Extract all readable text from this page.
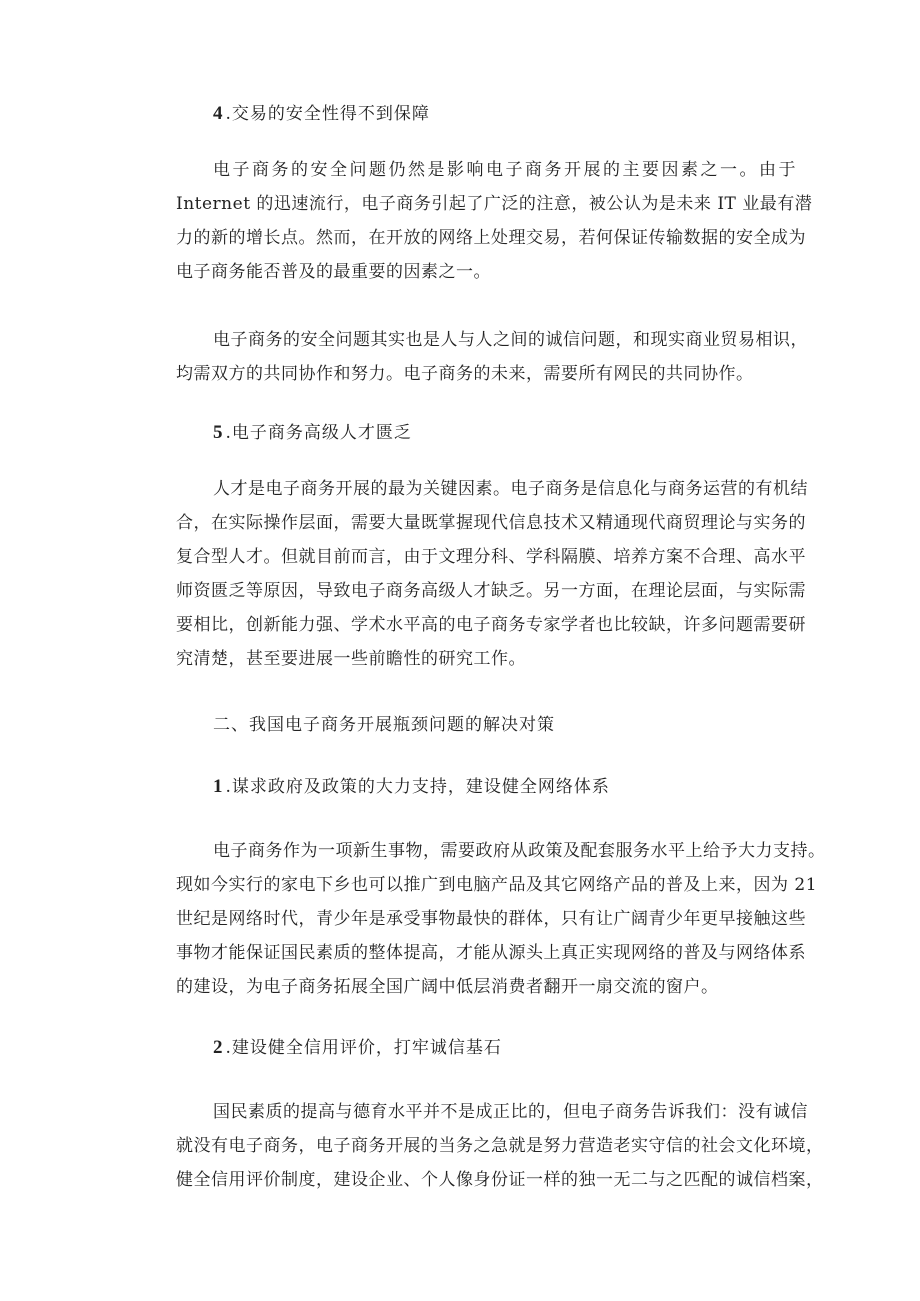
4 .交易的安全性得不到保障
电子商务的安全问题仍然是影响电子商务开展的主要因素之一。由于
Internet 的迅速流行，电子商务引起了广泛的注意，被公认为是未来 IT 业最有潜
力的新的增长点。然而，在开放的网络上处理交易，若何保证传输数据的安全成为
电子商务能否普及的最重要的因素之一。
电子商务的安全问题其实也是人与人之间的诚信问题，和现实商业贸易相识，
均需双方的共同协作和努力。电子商务的未来，需要所有网民的共同协作。
5 .电子商务高级人才匮乏
人才是电子商务开展的最为关键因素。电子商务是信息化与商务运营的有机结
合，在实际操作层面，需要大量既掌握现代信息技术又精通现代商贸理论与实务的
复合型人才。但就目前而言，由于文理分科、学科隔膜、培养方案不合理、高水平
师资匮乏等原因，导致电子商务高级人才缺乏。另一方面，在理论层面，与实际需
要相比，创新能力强、学术水平高的电子商务专家学者也比较缺，许多问题需要研
究清楚，甚至要进展一些前瞻性的研究工作。
二、我国电子商务开展瓶颈问题的解决对策
1 .谋求政府及政策的大力支持，建设健全网络体系
电子商务作为一项新生事物，需要政府从政策及配套服务水平上给予大力支持。
现如今实行的家电下乡也可以推广到电脑产品及其它网络产品的普及上来，因为 21
世纪是网络时代，青少年是承受事物最快的群体，只有让广阔青少年更早接触这些
事物才能保证国民素质的整体提高，才能从源头上真正实现网络的普及与网络体系
的建设，为电子商务拓展全国广阔中低层消费者翻开一扇交流的窗户。
2 .建设健全信用评价，打牢诚信基石
国民素质的提高与德育水平并不是成正比的，但电子商务告诉我们：没有诚信
就没有电子商务，电子商务开展的当务之急就是努力营造老实守信的社会文化环境，
健全信用评价制度，建设企业、个人像身份证一样的独一无二与之匹配的诚信档案，
